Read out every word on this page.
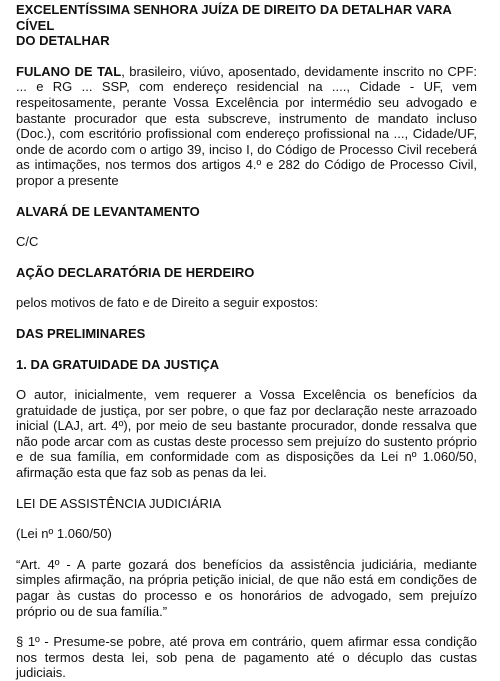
EXCELENTÍSSIMA SENHORA JUÍZA DE DIREITO DA DETALHAR VARA CÍVEL
DO DETALHAR

FULANO DE TAL, brasileiro, viúvo, aposentado, devidamente inscrito no CPF: ... e RG ... SSP, com endereço residencial na ...., Cidade - UF, vem respeitosamente, perante Vossa Excelência por intermédio seu advogado e bastante procurador que esta subscreve, instrumento de mandato incluso (Doc.), com escritório profissional com endereço profissional na ..., Cidade/UF, onde de acordo com o artigo 39, inciso I, do Código de Processo Civil receberá as intimações, nos termos dos artigos 4.º e 282 do Código de Processo Civil, propor a presente

ALVARÁ DE LEVANTAMENTO

C/C

AÇÃO DECLARATÓRIA DE HERDEIRO

pelos motivos de fato e de Direito a seguir expostos:

DAS PRELIMINARES

1. DA GRATUIDADE DA JUSTIÇA

O autor, inicialmente, vem requerer a Vossa Excelência os benefícios da gratuidade de justiça, por ser pobre, o que faz por declaração neste arrazoado inicial (LAJ, art. 4º), por meio de seu bastante procurador, donde ressalva que não pode arcar com as custas deste processo sem prejuízo do sustento próprio e de sua família, em conformidade com as disposições da Lei nº 1.060/50, afirmação esta que faz sob as penas da lei.

LEI DE ASSISTÊNCIA JUDICIÁRIA

(Lei nº 1.060/50)

“Art. 4º - A parte gozará dos benefícios da assistência judiciária, mediante simples afirmação, na própria petição inicial, de que não está em condições de pagar às custas do processo e os honorários de advogado, sem prejuízo próprio ou de sua família.”

§ 1º - Presume-se pobre, até prova em contrário, quem afirmar essa condição nos termos desta lei, sob pena de pagamento até o décuplo das custas judiciais.
